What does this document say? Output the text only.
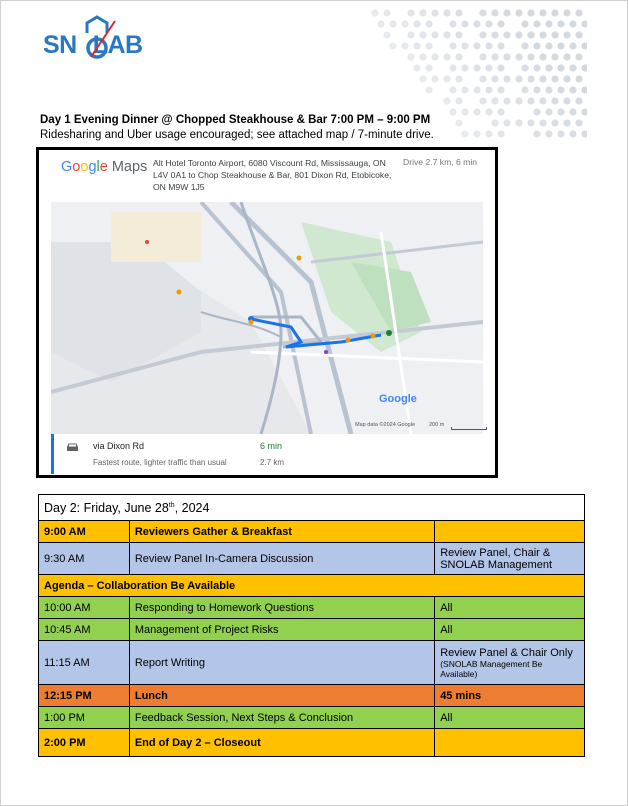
SN LAB
Day 1 Evening Dinner @ Chopped Steakhouse & Bar 7:00 PM – 9:00 PM
Ridesharing and Uber usage encouraged; see attached map / 7-minute drive.
Google Maps Alt Hotel Toronto Airport, 6080 Viscount Rd, Mississauga, ON L4V 0A1 to Chop Steakhouse & Bar, 801 Dixon Rd, Etobicoke, ON M9W 1J5
Drive 2.7 km, 6 min
Google
Map data ©2024 Google	200 m
via Dixon Rd
Fastest route, lighter traffic than usual
6 min
2.7 km
Day 2: Friday, June 28th, 2024		
9:00 AM	Reviewers Gather & Breakfast	
9:30 AM	Review Panel In-Camera Discussion	Review Panel, Chair & SNOLAB Management
Agenda – Collaboration Be Available		
10:00 AM	Responding to Homework Questions	All
10:45 AM	Management of Project Risks	All
11:15 AM	Report Writing	Review Panel & Chair Only
(SNOLAB Management Be Available)

12:15 PM	Lunch	45 mins
1:00 PM	Feedback Session, Next Steps & Conclusion	All
2:00 PM	End of Day 2 – Closeout	
